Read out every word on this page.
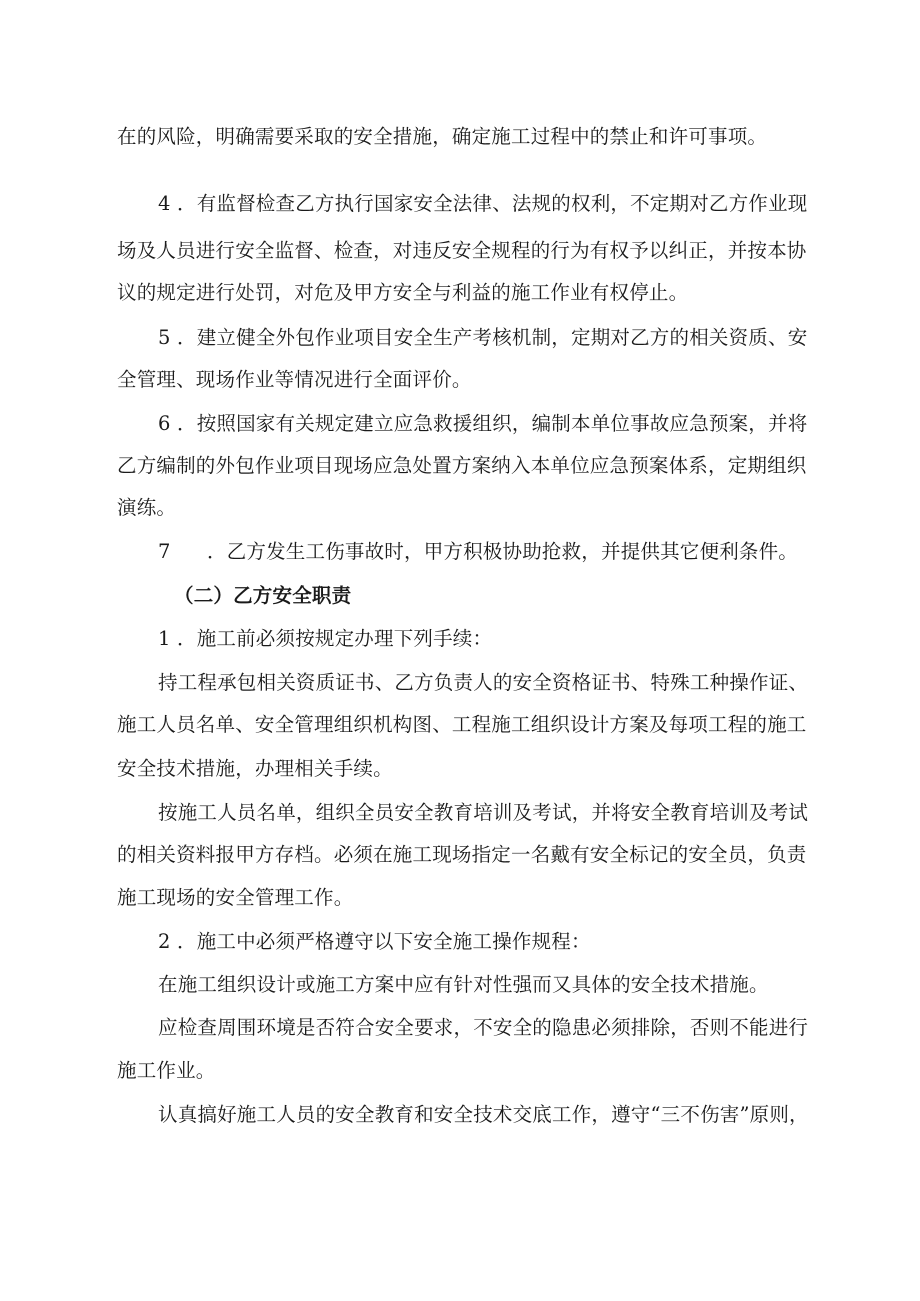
在的风险，明确需要采取的安全措施，确定施工过程中的禁止和许可事项。
4 ．有监督检查乙方执行国家安全法律、法规的权利，不定期对乙方作业现
场及人员进行安全监督、检查，对违反安全规程的行为有权予以纠正，并按本协
议的规定进行处罚，对危及甲方安全与利益的施工作业有权停止。
5 ．建立健全外包作业项目安全生产考核机制，定期对乙方的相关资质、安
全管理、现场作业等情况进行全面评价。
6 ．按照国家有关规定建立应急救援组织，编制本单位事故应急预案，并将
乙方编制的外包作业项目现场应急处置方案纳入本单位应急预案体系，定期组织
演练。
7 ．乙方发生工伤事故时，甲方积极协助抢救，并提供其它便利条件。
（二）乙方安全职责
1 ．施工前必须按规定办理下列手续：
持工程承包相关资质证书、乙方负责人的安全资格证书、特殊工种操作证、
施工人员名单、安全管理组织机构图、工程施工组织设计方案及每项工程的施工
安全技术措施，办理相关手续。
按施工人员名单，组织全员安全教育培训及考试，并将安全教育培训及考试
的相关资料报甲方存档。必须在施工现场指定一名戴有安全标记的安全员，负责
施工现场的安全管理工作。
2 ．施工中必须严格遵守以下安全施工操作规程：
在施工组织设计或施工方案中应有针对性强而又具体的安全技术措施。
应检查周围环境是否符合安全要求，不安全的隐患必须排除，否则不能进行
施工作业。
认真搞好施工人员的安全教育和安全技术交底工作，遵守“三不伤害”原则，
